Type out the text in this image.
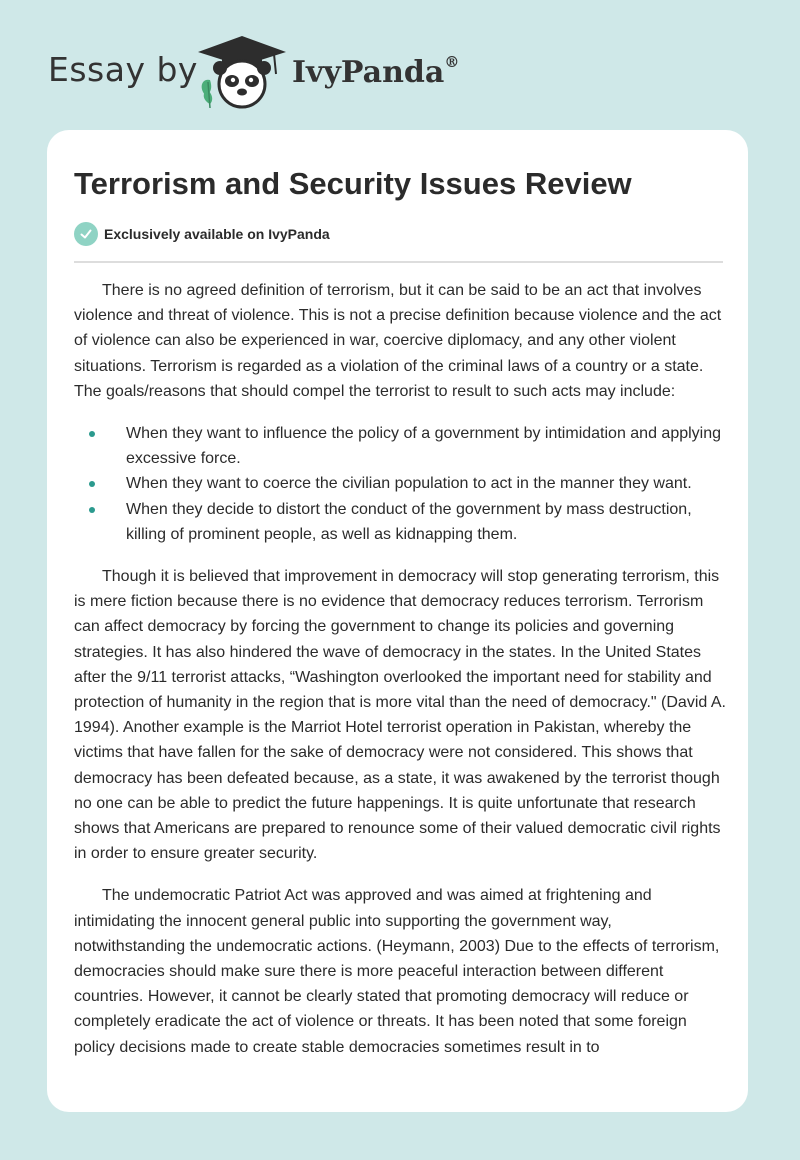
Essay by	IvyPanda®
Terrorism and Security Issues Review
Exclusively available on IvyPanda

There is no agreed definition of terrorism, but it can be said to be an act that involves violence and threat of violence. This is not a precise definition because violence and the act of violence can also be experienced in war, coercive diplomacy, and any other violent situations. Terrorism is regarded as a violation of the criminal laws of a country or a state. The goals/reasons that should compel the terrorist to result to such acts may include:

When they want to influence the policy of a government by intimidation and applying excessive force.
When they want to coerce the civilian population to act in the manner they want.
When they decide to distort the conduct of the government by mass destruction, killing of prominent people, as well as kidnapping them.

Though it is believed that improvement in democracy will stop generating terrorism, this is mere fiction because there is no evidence that democracy reduces terrorism. Terrorism can affect democracy by forcing the government to change its policies and governing strategies. It has also hindered the wave of democracy in the states. In the United States after the 9/11 terrorist attacks, “Washington overlooked the important need for stability and protection of humanity in the region that is more vital than the need of democracy." (David A. 1994). Another example is the Marriot Hotel terrorist operation in Pakistan, whereby the victims that have fallen for the sake of democracy were not considered. This shows that democracy has been defeated because, as a state, it was awakened by the terrorist though no one can be able to predict the future happenings. It is quite unfortunate that research shows that Americans are prepared to renounce some of their valued democratic civil rights in order to ensure greater security.

The undemocratic Patriot Act was approved and was aimed at frightening and intimidating the innocent general public into supporting the government way, notwithstanding the undemocratic actions. (Heymann, 2003) Due to the effects of terrorism, democracies should make sure there is more peaceful interaction between different countries. However, it cannot be clearly stated that promoting democracy will reduce or completely eradicate the act of violence or threats. It has been noted that some foreign policy decisions made to create stable democracies sometimes result in to
